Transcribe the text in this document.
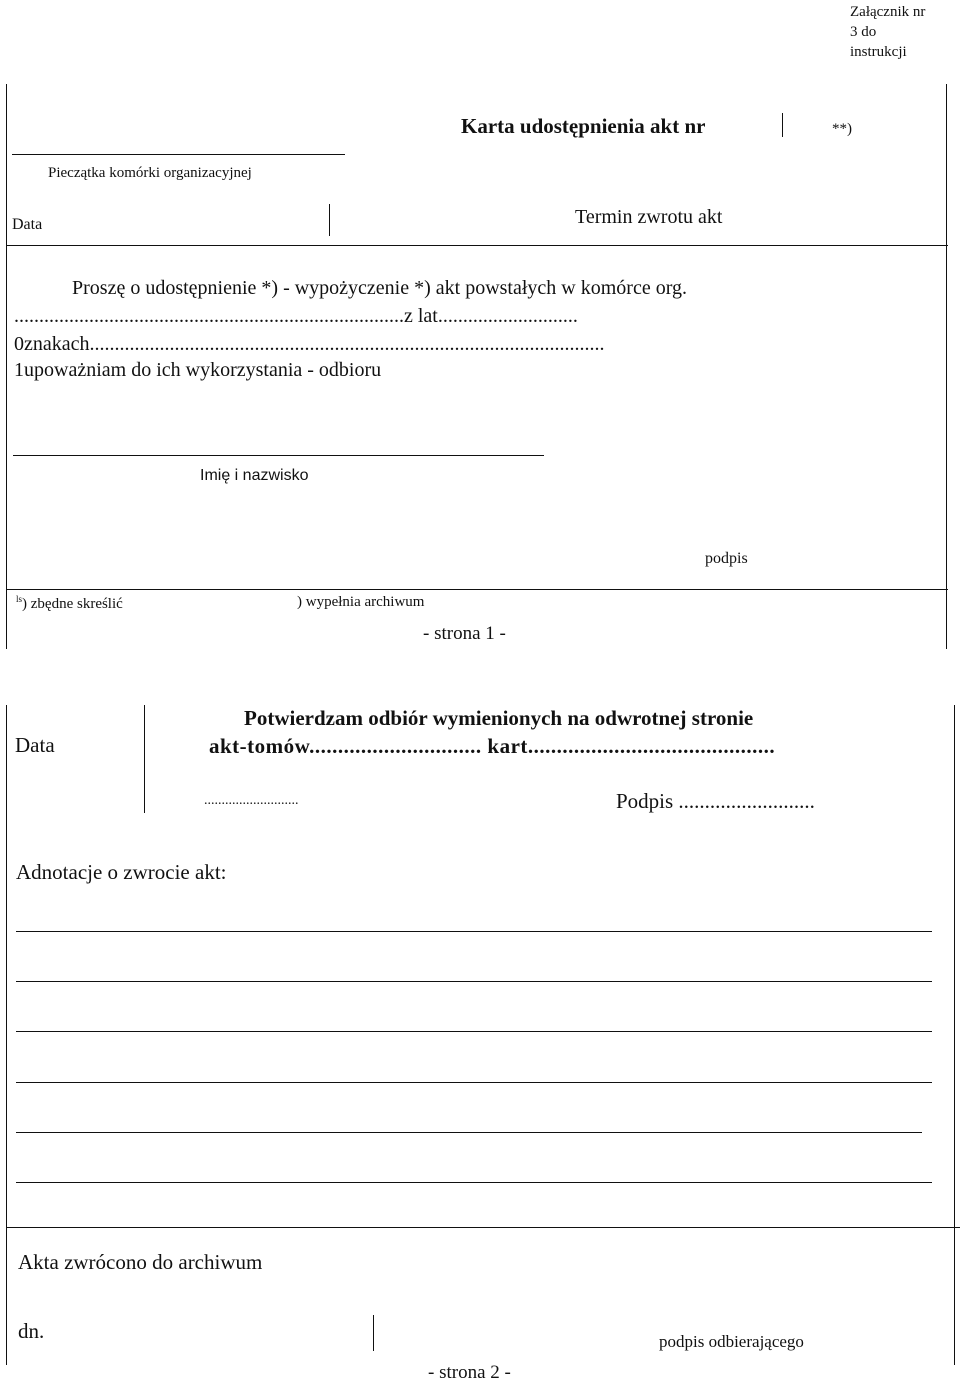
Załącznik nr
3 do
instrukcji
Karta udostępnienia akt nr	**)
Pieczątka komórki organizacyjnej
Data	Termin zwrotu akt
Proszę o udostępnienie *) - wypożyczenie *) akt powstałych w komórce org.
..............................................................................z lat............................
0znakach.......................................................................................................
1upoważniam do ich wykorzystania - odbioru
Imię i nazwisko
podpis
$^{ls}$) zbędne skreślić	) wypełnia archiwum
- strona 1 -
Data
Potwierdzam odbiór wymienionych na odwrotnej stronie
akt-tomów.............................. kart...........................................
...........................	Podpis ..........................
Adnotacje o zwrocie akt:
Akta zwrócono do archiwum
dn.	podpis odbierającego
- strona 2 -
